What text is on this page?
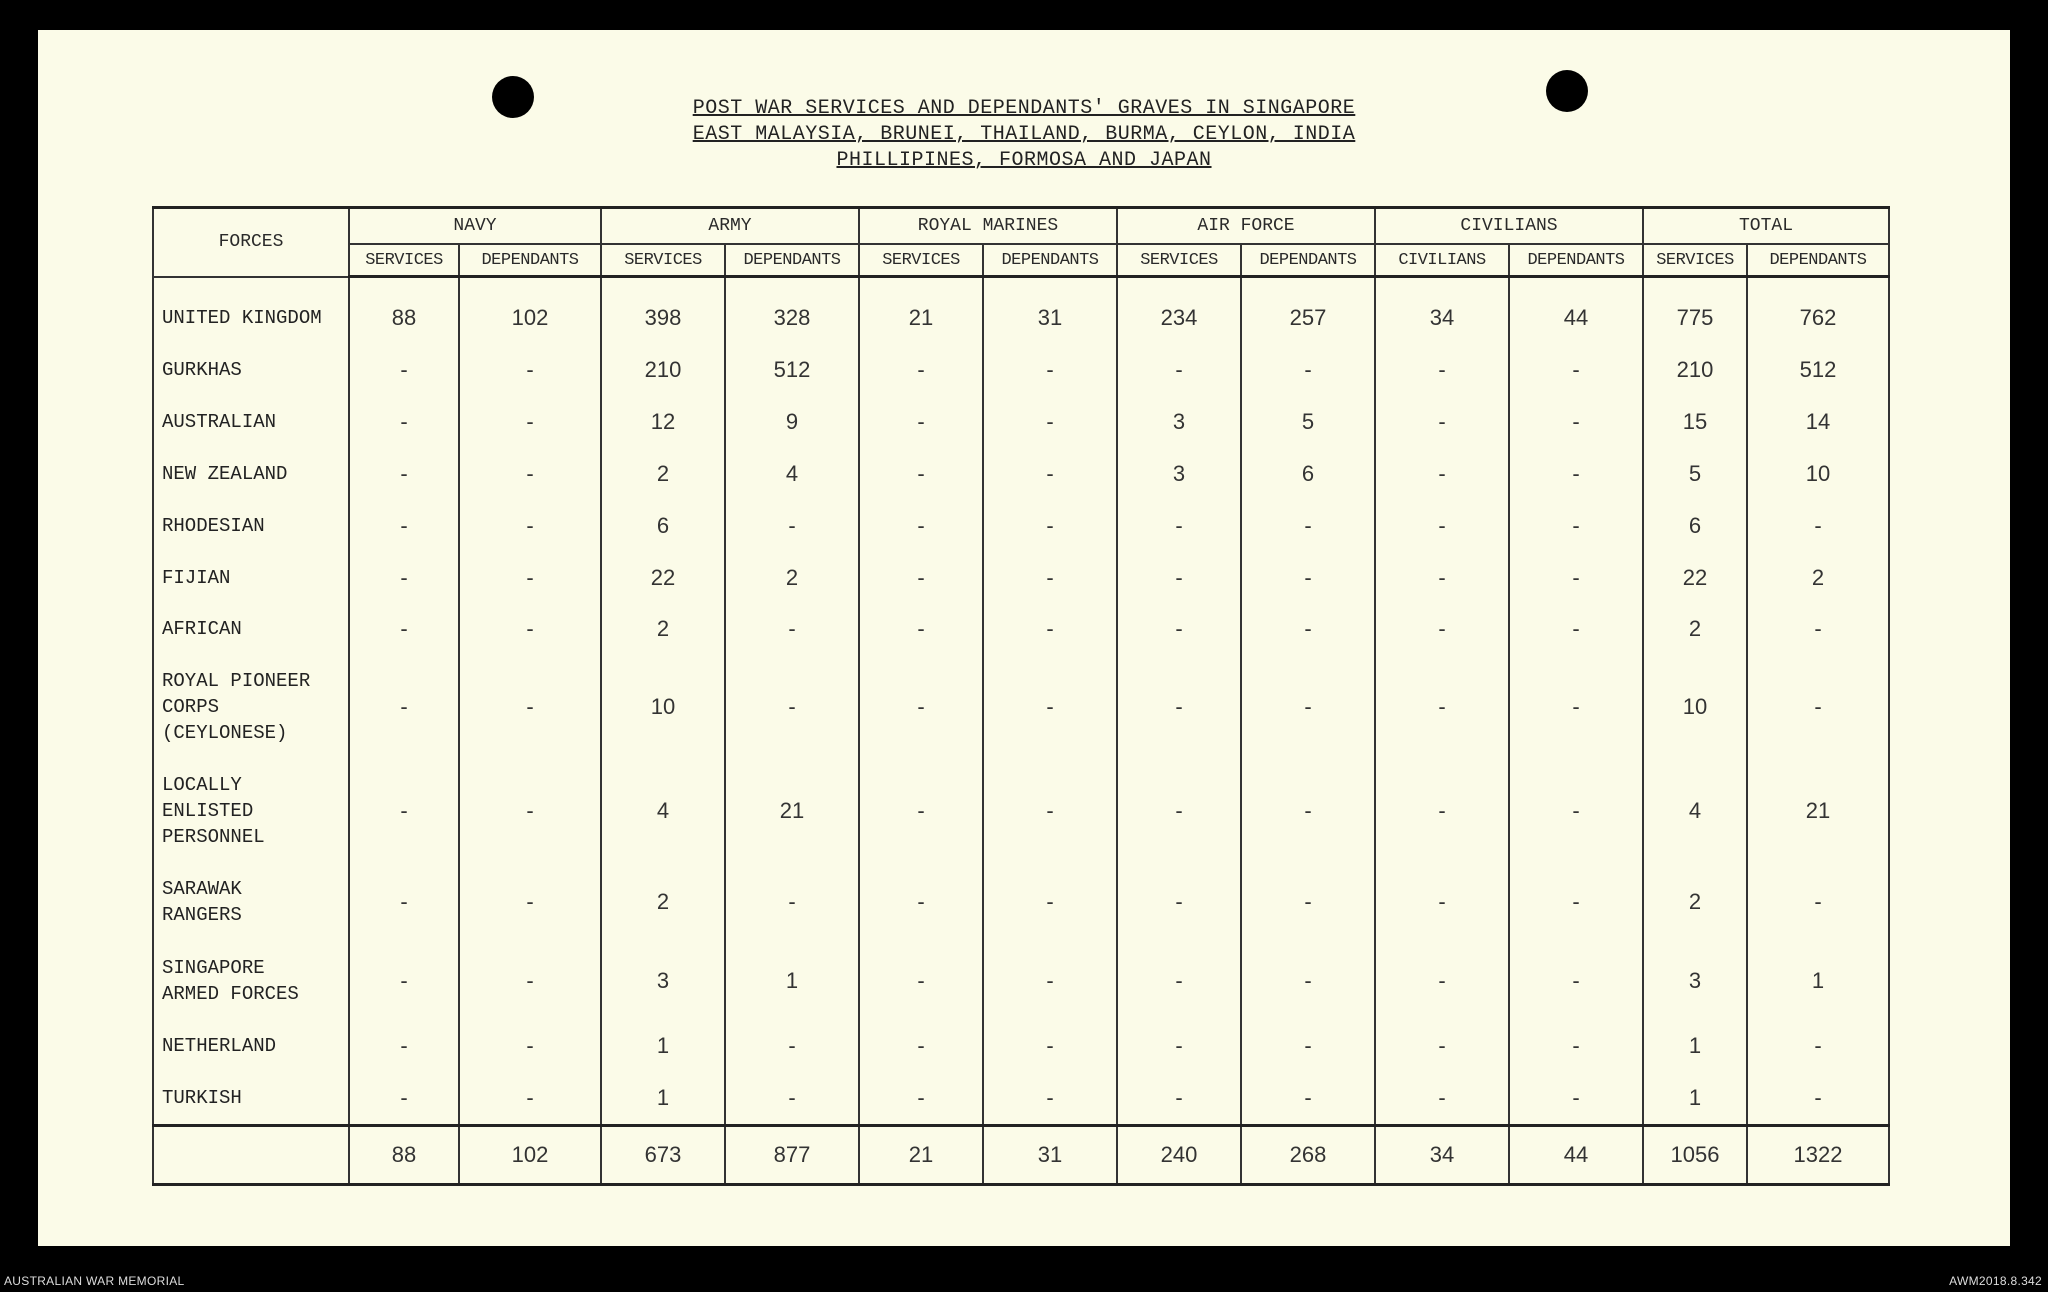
POST WAR SERVICES AND DEPENDANTS' GRAVES IN SINGAPORE
EAST MALAYSIA, BRUNEI, THAILAND, BURMA, CEYLON, INDIA
PHILLIPINES, FORMOSA AND JAPAN
FORCES	NAVY		ARMY		ROYAL MARINES		AIR FORCE		CIVILIANS		TOTAL	
	SERVICES	DEPENDANTS	SERVICES	DEPENDANTS	SERVICES	DEPENDANTS	SERVICES	DEPENDANTS	CIVILIANS	DEPENDANTS	SERVICES	DEPENDANTS

UNITED KINGDOM	88	102	398	328	21	31	234	257	34	44	775	762

GURKHAS	-	-	210	512	-	-	-	-	-	-	210	512

AUSTRALIAN	-	-	12	9	-	-	3	5	-	-	15	14

NEW ZEALAND	-	-	2	4	-	-	3	6	-	-	5	10

RHODESIAN	-	-	6	-	-	-	-	-	-	-	6	-

FIJIAN	-	-	22	2	-	-	-	-	-	-	22	2

AFRICAN	-	-	2	-	-	-	-	-	-	-	2	-

ROYAL PIONEER
CORPS
(CEYLONESE)	-	-	10	-	-	-	-	-	-	-	10	-

LOCALLY
ENLISTED
PERSONNEL	-	-	4	21	-	-	-	-	-	-	4	21

SARAWAK
RANGERS	-	-	2	-	-	-	-	-	-	-	2	-

SINGAPORE
ARMED FORCES	-	-	3	1	-	-	-	-	-	-	3	1

NETHERLAND	-	-	1	-	-	-	-	-	-	-	1	-

TURKISH	-	-	1	-	-	-	-	-	-	-	1	-
	88	102	673	877	21	31	240	268	34	44	1056	1322
AUSTRALIAN WAR MEMORIAL	AWM2018.8.342
